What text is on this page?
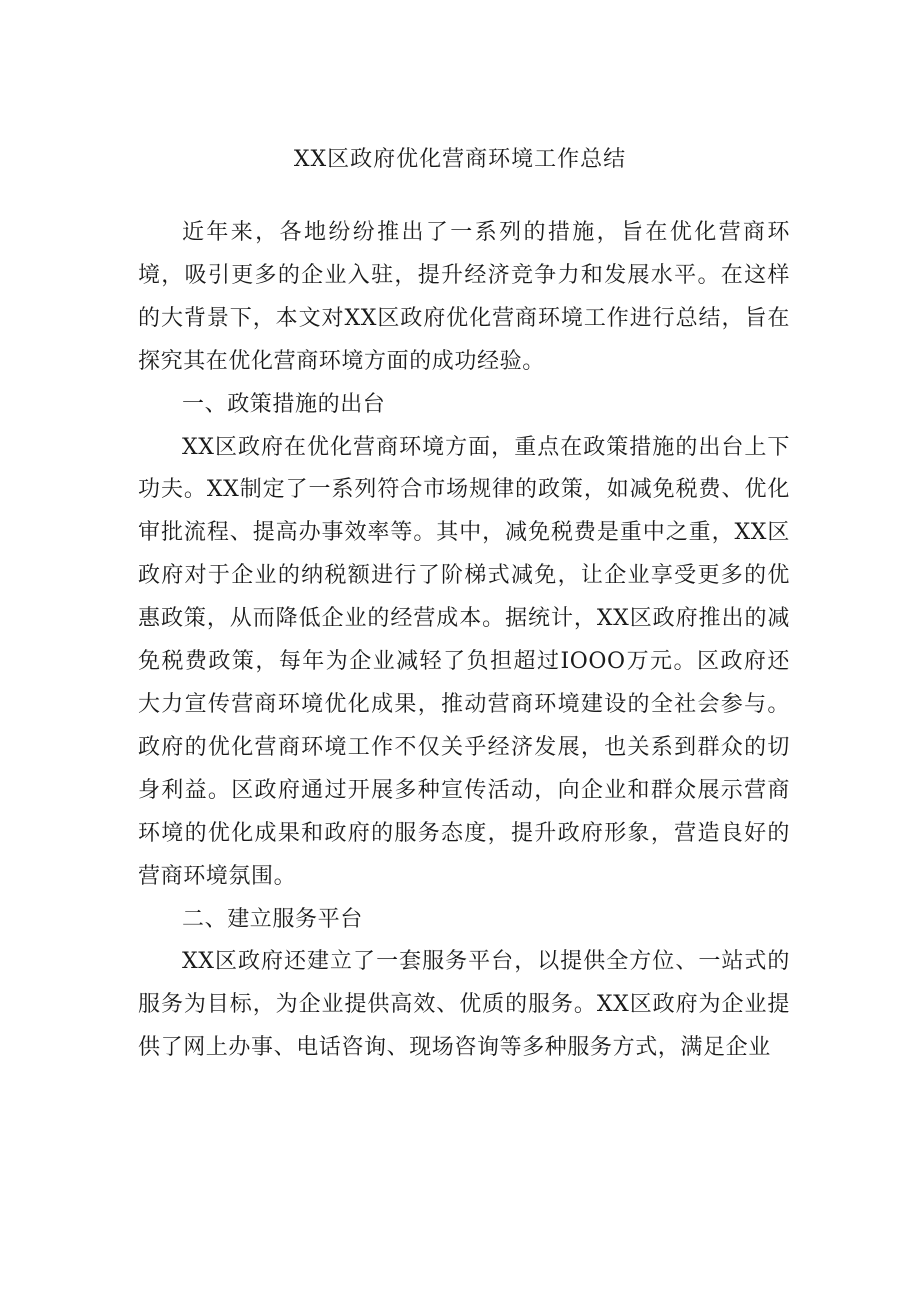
XX区政府优化营商环境工作总结

近年来，各地纷纷推出了一系列的措施，旨在优化营商环境，吸引更多的企业入驻，提升经济竞争力和发展水平。在这样的大背景下，本文对XX区政府优化营商环境工作进行总结，旨在探究其在优化营商环境方面的成功经验。

一、政策措施的出台

XX区政府在优化营商环境方面，重点在政策措施的出台上下功夫。XX制定了一系列符合市场规律的政策，如减免税费、优化审批流程、提高办事效率等。其中，减免税费是重中之重，XX区政府对于企业的纳税额进行了阶梯式减免，让企业享受更多的优惠政策，从而降低企业的经营成本。据统计，XX区政府推出的减免税费政策，每年为企业减轻了负担超过IOOO万元。区政府还大力宣传营商环境优化成果，推动营商环境建设的全社会参与。政府的优化营商环境工作不仅关乎经济发展，也关系到群众的切身利益。区政府通过开展多种宣传活动，向企业和群众展示营商环境的优化成果和政府的服务态度，提升政府形象，营造良好的营商环境氛围。

二、建立服务平台

XX区政府还建立了一套服务平台，以提供全方位、一站式的服务为目标，为企业提供高效、优质的服务。XX区政府为企业提供了网上办事、电话咨询、现场咨询等多种服务方式，满足企业
